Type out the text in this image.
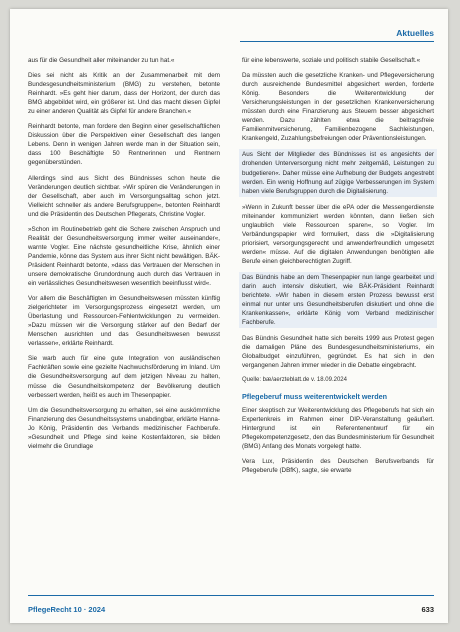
Aktuelles

aus für die Gesundheit aller miteinander zu tun hat.«

Dies sei nicht als Kritik an der Zusammenarbeit mit dem Bundesgesundheitsministerium (BMG) zu verstehen, betonte Reinhardt. »Es geht hier darum, dass der Horizont, der durch das BMG abgebildet wird, ein größerer ist. Und das macht diesen Gipfel zu einer anderen Qualität als Gipfel für andere Branchen.«

Reinhardt betonte, man fordere den Beginn einer gesellschaftlichen Diskussion über die Perspektiven einer Gesellschaft des langen Lebens. Denn in wenigen Jahren werde man in der Situation sein, dass 100 Beschäftigte 50 Rentnerinnen und Rentnern gegenüberstünden.

Allerdings sind aus Sicht des Bündnisses schon heute die Veränderungen deutlich sichtbar. »Wir spüren die Veränderungen in der Gesellschaft, aber auch im Versorgungsalltag schon jetzt. Vielleicht schneller als andere Berufsgruppen«, betonten Reinhardt und die Präsidentin des Deutschen Pflegerats, Christine Vogler.

»Schon im Routinebetrieb geht die Schere zwischen Anspruch und Realität der Gesundheitsversorgung immer weiter auseinander«, warnte Vogler. Eine nächste gesundheitliche Krise, ähnlich einer Pandemie, könne das System aus ihrer Sicht nicht bewältigen. BÄK-Präsident Reinhardt betonte, »dass das Vertrauen der Menschen in unsere demokratische Grundordnung auch durch das Vertrauen in ein verlässliches Gesundheitswesen wesentlich beeinflusst wird«.

Vor allem die Beschäftigten im Gesundheitswesen müssten künftig zielgerichteter im Versorgungsprozess eingesetzt werden, um Überlastung und Ressourcen-Fehlentwicklungen zu vermeiden. »Dazu müssen wir die Versorgung stärker auf den Bedarf der Menschen ausrichten und das Gesundheitswesen bewusst verlassen«, erklärte Reinhardt.

Sie warb auch für eine gute Integration von ausländischen Fachkräften sowie eine gezielte Nachwuchsförderung im Inland. Um die Gesundheitsversorgung auf dem jetzigen Niveau zu halten, müsse die Gesundheitskompetenz der Bevölkerung deutlich verbessert werden, heißt es auch im Thesenpapier.

Um die Gesundheitsversorgung zu erhalten, sei eine auskömmliche Finanzierung des Gesundheitssystems unabdingbar, erklärte Hanna-Jo König, Präsidentin des Verbands medizinischer Fachberufe. »Gesundheit und Pflege sind keine Kostenfaktoren, sie bilden vielmehr die Grundlage

für eine lebenswerte, soziale und politisch stabile Gesellschaft.«

Da müssten auch die gesetzliche Kranken- und Pflegeversicherung durch ausreichende Bundesmittel abgesichert werden, forderte König. Besonders die Weiterentwicklung der Versicherungsleistungen in der gesetzlichen Krankenversicherung müssten durch eine Finanzierung aus Steuern besser abgesichert werden. Dazu zählten etwa die beitragsfreie Familienmitversicherung, Familienbezogene Sachleistungen, Krankengeld, Zuzahlungsbefreiungen oder Präventionsleistungen.

Aus Sicht der Mitglieder des Bündnisses ist es angesichts der drohenden Unterversorgung nicht mehr zeitgemäß, Leistungen zu budgetieren«. Daher müsse eine Aufhebung der Budgets angestrebt werden. Ein wenig Hoffnung auf zügige Verbesserungen im System haben viele Berufsgruppen durch die Digitalisierung.

»Wenn in Zukunft besser über die ePA oder die Messengerdienste miteinander kommuniziert werden könnten, dann ließen sich unglaublich viele Ressourcen sparen«, so Vogler. Im Verbändungspapier wird formuliert, dass die »Digitalisierung priorisiert, versorgungsgerecht und anwenderfreundlich umgesetzt werden« müsse. Auf die digitalen Anwendungen benötigten alle Berufe einen gleichberechtigten Zugriff.

Das Bündnis habe an dem Thesenpapier nun lange gearbeitet und darin auch intensiv diskutiert, wie BÄK-Präsident Reinhardt berichtete. »Wir haben in diesem ersten Prozess bewusst erst einmal nur unter uns Gesundheitsberufen diskutiert und ohne die Krankenkassen«, erklärte König vom Verband medizinischer Fachberufe.

Das Bündnis Gesundheit hatte sich bereits 1999 aus Protest gegen die damaligen Pläne des Bundesgesundheitsministeriums, ein Globalbudget einzuführen, gegründet. Es hat sich in den vergangenen Jahren immer wieder in die Debatte eingebracht.

Quelle: bæ/aerzteblatt.de v. 18.09.2024

Pflegeberuf muss weiterentwickelt werden

Einer skeptisch zur Weiterentwicklung des Pflegeberufs hat sich ein Expertenkreis im Rahmen einer DIP-Veranstaltung geäußert. Hintergrund ist ein Referentenentwurf für ein Pflegekompetenzgesetz, den das Bundesministerium für Gesundheit (BMG) Anfang des Monats vorgelegt hatte.

Vera Lux, Präsidentin des Deutschen Berufsverbands für Pflegeberufe (DBfK), sagte, sie erwarte

PflegeRecht 10 · 2024	633
